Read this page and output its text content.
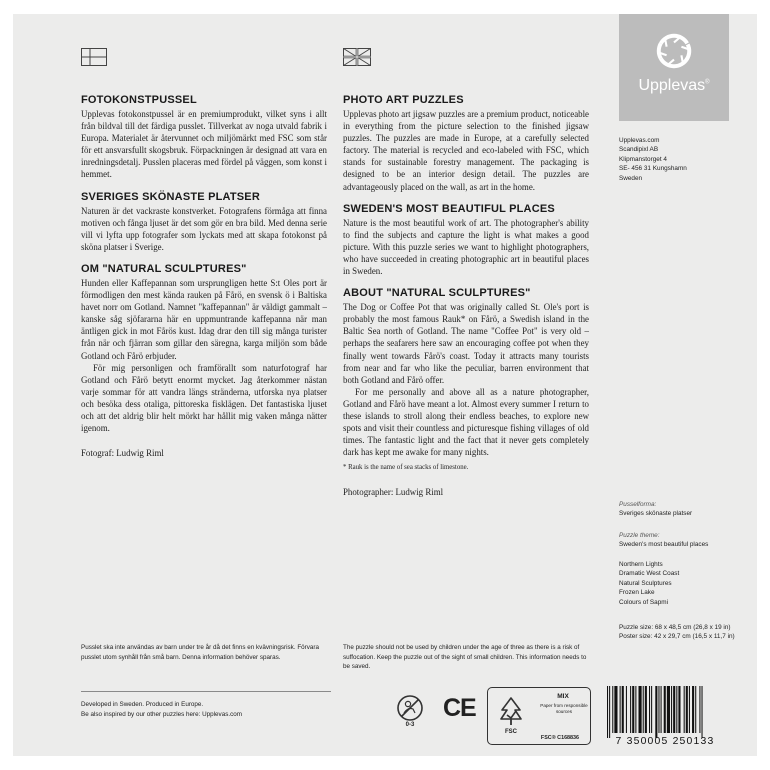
FOTOKONSTPUSSEL

Upplevas fotokonstpussel är en premiumprodukt, vilket syns i allt från bildval till det färdiga pusslet. Tillverkat av noga utvald fabrik i Europa. Materialet är återvunnet och miljömärkt med FSC som står för ett ansvarsfullt skogsbruk. Förpackningen är designad att vara en inredningsdetalj. Pusslen placeras med fördel på väggen, som konst i hemmet.

SVERIGES SKÖNASTE PLATSER

Naturen är det vackraste konstverket. Fotografens förmåga att finna motiven och fånga ljuset är det som gör en bra bild. Med denna serie vill vi lyfta upp fotografer som lyckats med att skapa fotokonst på sköna platser i Sverige.

OM "NATURAL SCULPTURES"

Hunden eller Kaffepannan som ursprungligen hette S:t Oles port är förmodligen den mest kända rauken på Fårö, en svensk ö i Baltiska havet norr om Gotland. Namnet "kaffepannan" är väldigt gammalt – kanske såg sjöfararna här en uppmuntrande kaffepanna när man äntligen gick in mot Fårös kust. Idag drar den till sig många turister från när och fjärran som gillar den säregna, karga miljön som både Gotland och Fårö erbjuder.

För mig personligen och framförallt som naturfotograf har Gotland och Fårö betytt enormt mycket. Jag återkommer nästan varje sommar för att vandra längs stränderna, utforska nya platser och besöka dess otaliga, pittoreska fisklägen. Det fantastiska ljuset och att det aldrig blir helt mörkt har hållit mig vaken många nätter igenom.

Fotograf: Ludwig Riml
PHOTO ART PUZZLES

Upplevas photo art jigsaw puzzles are a premium product, noticeable in everything from the picture selection to the finished jigsaw puzzles. The puzzles are made in Europe, at a carefully selected factory. The material is recycled and eco-labeled with FSC, which stands for sustainable forestry management. The packaging is designed to be an interior design detail. The puzzles are advantageously placed on the wall, as art in the home.

SWEDEN'S MOST BEAUTIFUL PLACES

Nature is the most beautiful work of art. The photographer's ability to find the subjects and capture the light is what makes a good picture. With this puzzle series we want to highlight photographers, who have succeeded in creating photographic art in beautiful places in Sweden.

ABOUT "NATURAL SCULPTURES"

The Dog or Coffee Pot that was originally called St. Ole's port is probably the most famous Rauk* on Fårö, a Swedish island in the Baltic Sea north of Gotland. The name "Coffee Pot" is very old – perhaps the seafarers here saw an encouraging coffee pot when they finally went towards Fårö's coast. Today it attracts many tourists from near and far who like the peculiar, barren environment that both Gotland and Fårö offer.

For me personally and above all as a nature photographer, Gotland and Fårö have meant a lot. Almost every summer I return to these islands to stroll along their endless beaches, to explore new spots and visit their countless and picturesque fishing villages of old times. The fantastic light and the fact that it never gets completely dark has kept me awake for many nights.

* Rauk is the name of sea stacks of limestone.
Photographer: Ludwig Riml
Upplevas®
Upplevas.com
Scandipixl AB
Klipmanstorget 4
SE- 456 31 Kungshamn
Sweden
Pusselforma:
Sveriges skönaste platser
Puzzle theme:
Sweden's most beautiful places
Northern Lights
Dramatic West Coast
Natural Sculptures
Frozen Lake
Colours of Sapmi
Puzzle size: 68 x 48,5 cm (26,8 x 19 in)
Poster size: 42 x 29,7 cm (16,5 x 11,7 in)
Pusslet ska inte användas av barn under tre år då det finns en kvävningsrisk. Förvara pusslet utom synhåll från små barn. Denna information behöver sparas.
The puzzle should not be used by children under the age of three as there is a risk of suffocation. Keep the puzzle out of the sight of small children. This information needs to be saved.
Developed in Sweden. Produced in Europe.
Be also inspired by our other puzzles here: Upplevas.com
0-3
CE
FSC
MIX
Paper from responsible sources
FSC® C168836	7 350005 250133
